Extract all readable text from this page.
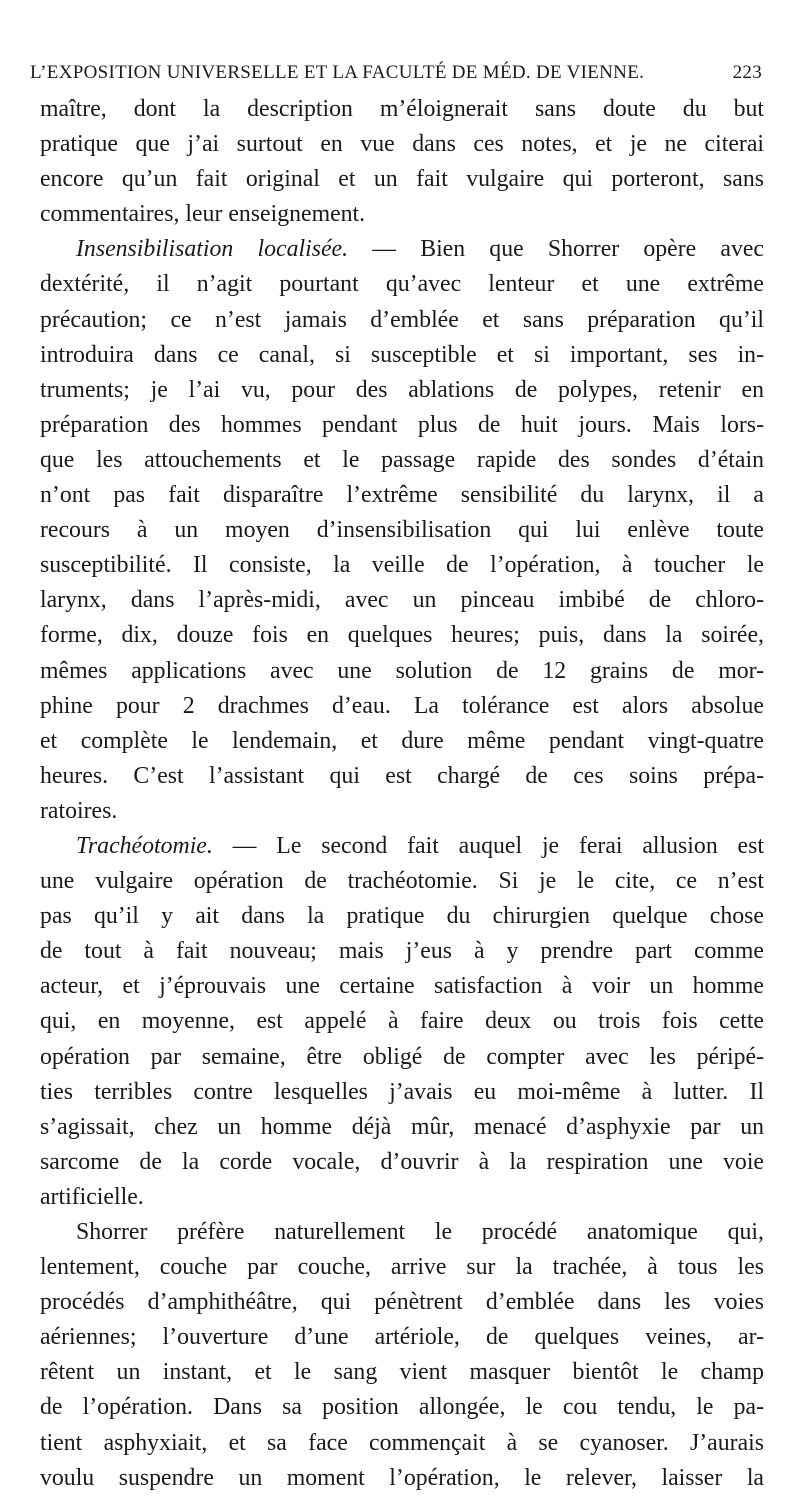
L’EXPOSITION UNIVERSELLE ET LA FACULTÉ DE MÉD. DE VIENNE.	223
maître, dont la description m’éloignerait sans doute du but
pratique que j’ai surtout en vue dans ces notes, et je ne citerai
encore qu’un fait original et un fait vulgaire qui porteront, sans
commentaires, leur enseignement.
Insensibilisation localisée. — Bien que Shorrer opère avec
dextérité, il n’agit pourtant qu’avec lenteur et une extrême
précaution; ce n’est jamais d’emblée et sans préparation qu’il
introduira dans ce canal, si susceptible et si important, ses in-
truments; je l’ai vu, pour des ablations de polypes, retenir en
préparation des hommes pendant plus de huit jours. Mais lors-
que les attouchements et le passage rapide des sondes d’étain
n’ont pas fait disparaître l’extrême sensibilité du larynx, il a
recours à un moyen d’insensibilisation qui lui enlève toute
susceptibilité. Il consiste, la veille de l’opération, à toucher le
larynx, dans l’après-midi, avec un pinceau imbibé de chloro-
forme, dix, douze fois en quelques heures; puis, dans la soirée,
mêmes applications avec une solution de 12 grains de mor-
phine pour 2 drachmes d’eau. La tolérance est alors absolue
et complète le lendemain, et dure même pendant vingt-quatre
heures. C’est l’assistant qui est chargé de ces soins prépa-
ratoires.
Trachéotomie. — Le second fait auquel je ferai allusion est
une vulgaire opération de trachéotomie. Si je le cite, ce n’est
pas qu’il y ait dans la pratique du chirurgien quelque chose
de tout à fait nouveau; mais j’eus à y prendre part comme
acteur, et j’éprouvais une certaine satisfaction à voir un homme
qui, en moyenne, est appelé à faire deux ou trois fois cette
opération par semaine, être obligé de compter avec les péripé-
ties terribles contre lesquelles j’avais eu moi-même à lutter. Il
s’agissait, chez un homme déjà mûr, menacé d’asphyxie par un
sarcome de la corde vocale, d’ouvrir à la respiration une voie
artificielle.
Shorrer préfère naturellement le procédé anatomique qui,
lentement, couche par couche, arrive sur la trachée, à tous les
procédés d’amphithéâtre, qui pénètrent d’emblée dans les voies
aériennes; l’ouverture d’une artériole, de quelques veines, ar-
rêtent un instant, et le sang vient masquer bientôt le champ
de l’opération. Dans sa position allongée, le cou tendu, le pa-
tient asphyxiait, et sa face commençait à se cyanoser. J’aurais
voulu suspendre un moment l’opération, le relever, laisser la
